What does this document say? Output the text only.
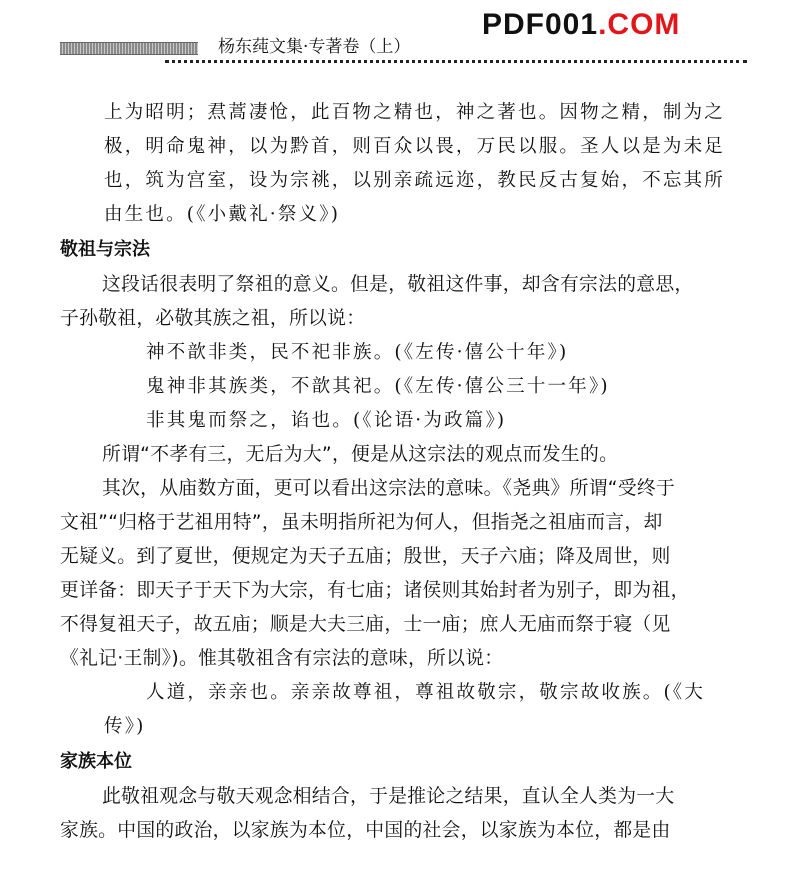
杨东莼文集·专著卷（上）
PDF001.COM
上为昭明；焄蒿凄怆，此百物之精也，神之著也。因物之精，制为之
极，明命鬼神，以为黔首，则百众以畏，万民以服。圣人以是为未足
也，筑为宫室，设为宗祧，以别亲疏远迩，教民反古复始，不忘其所
由生也。(《小戴礼·祭义》)
敬祖与宗法
这段话很表明了祭祖的意义。但是，敬祖这件事，却含有宗法的意思，
子孙敬祖，必敬其族之祖，所以说：
神不歆非类，民不祀非族。(《左传·僖公十年》)
鬼神非其族类，不歆其祀。(《左传·僖公三十一年》)
非其鬼而祭之，谄也。(《论语·为政篇》)
所谓“不孝有三，无后为大”，便是从这宗法的观点而发生的。
其次，从庙数方面，更可以看出这宗法的意味。《尧典》所谓“受终于
文祖”“归格于艺祖用特”，虽未明指所祀为何人，但指尧之祖庙而言，却
无疑义。到了夏世，便规定为天子五庙；殷世，天子六庙；降及周世，则
更详备：即天子于天下为大宗，有七庙；诸侯则其始封者为别子，即为祖，
不得复祖天子，故五庙；顺是大夫三庙，士一庙；庶人无庙而祭于寝（见
《礼记·王制》)。惟其敬祖含有宗法的意味，所以说：
人道，亲亲也。亲亲故尊祖，尊祖故敬宗，敬宗故收族。(《大
传》)
家族本位
此敬祖观念与敬天观念相结合，于是推论之结果，直认全人类为一大
家族。中国的政治，以家族为本位，中国的社会，以家族为本位，都是由
